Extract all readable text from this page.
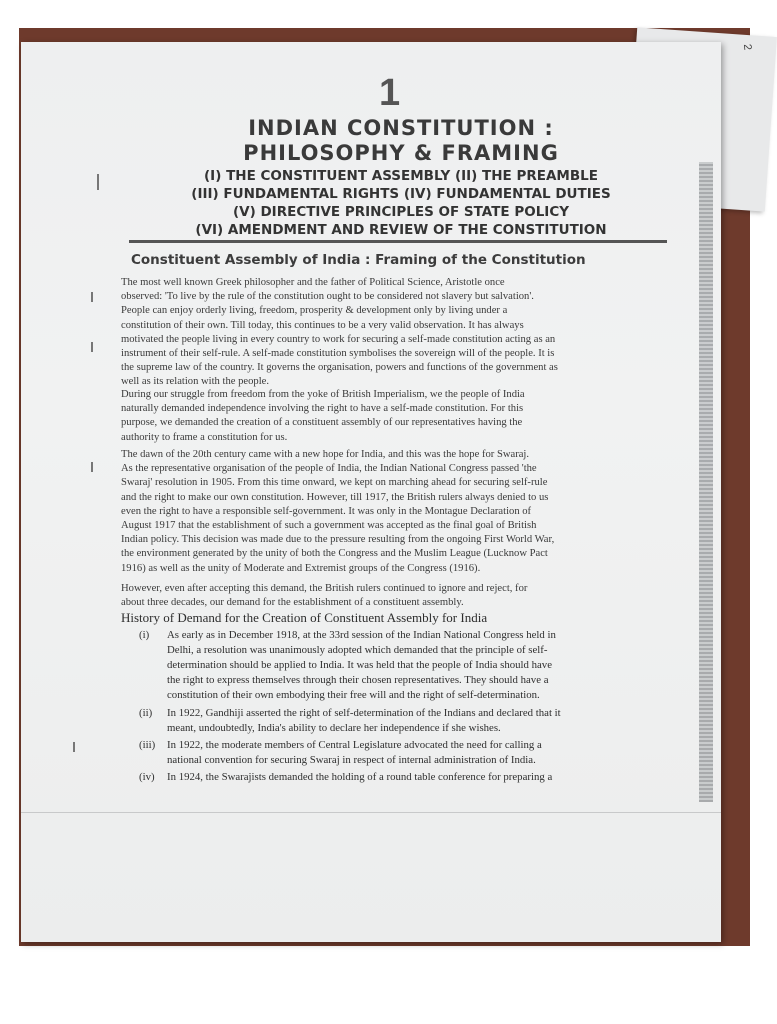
2
1
INDIAN CONSTITUTION :
PHILOSOPHY & FRAMING
(I) THE CONSTITUENT ASSEMBLY (II) THE PREAMBLE
(III) FUNDAMENTAL RIGHTS (IV) FUNDAMENTAL DUTIES
(V) DIRECTIVE PRINCIPLES OF STATE POLICY
(VI) AMENDMENT AND REVIEW OF THE CONSTITUTION
Constituent Assembly of India : Framing of the Constitution
The most well known Greek philosopher and the father of Political Science, Aristotle once
observed: 'To live by the rule of the constitution ought to be considered not slavery but salvation'.
People can enjoy orderly living, freedom, prosperity & development only by living under a
constitution of their own. Till today, this continues to be a very valid observation. It has always
motivated the people living in every country to work for securing a self-made constitution acting as an
instrument of their self-rule. A self-made constitution symbolises the sovereign will of the people. It is
the supreme law of the country. It governs the organisation, powers and functions of the government as
well as its relation with the people.
During our struggle from freedom from the yoke of British Imperialism, we the people of India
naturally demanded independence involving the right to have a self-made constitution. For this
purpose, we demanded the creation of a constituent assembly of our representatives having the
authority to frame a constitution for us.
The dawn of the 20th century came with a new hope for India, and this was the hope for Swaraj.
As the representative organisation of the people of India, the Indian National Congress passed 'the
Swaraj' resolution in 1905. From this time onward, we kept on marching ahead for securing self-rule
and the right to make our own constitution. However, till 1917, the British rulers always denied to us
even the right to have a responsible self-government. It was only in the Montague Declaration of
August 1917 that the establishment of such a government was accepted as the final goal of British
Indian policy. This decision was made due to the pressure resulting from the ongoing First World War,
the environment generated by the unity of both the Congress and the Muslim League (Lucknow Pact
1916) as well as the unity of Moderate and Extremist groups of the Congress (1916).
However, even after accepting this demand, the British rulers continued to ignore and reject, for
about three decades, our demand for the establishment of a constituent assembly.
History of Demand for the Creation of Constituent Assembly for India
(i)	As early as in December 1918, at the 33rd session of the Indian National Congress held in
Delhi, a resolution was unanimously adopted which demanded that the principle of self-
determination should be applied to India. It was held that the people of India should have
the right to express themselves through their chosen representatives. They should have a
constitution of their own embodying their free will and the right of self-determination.
(ii)	In 1922, Gandhiji asserted the right of self-determination of the Indians and declared that it
meant, undoubtedly, India's ability to declare her independence if she wishes.
(iii)	In 1922, the moderate members of Central Legislature advocated the need for calling a
national convention for securing Swaraj in respect of internal administration of India.
(iv)	In 1924, the Swarajists demanded the holding of a round table conference for preparing a
